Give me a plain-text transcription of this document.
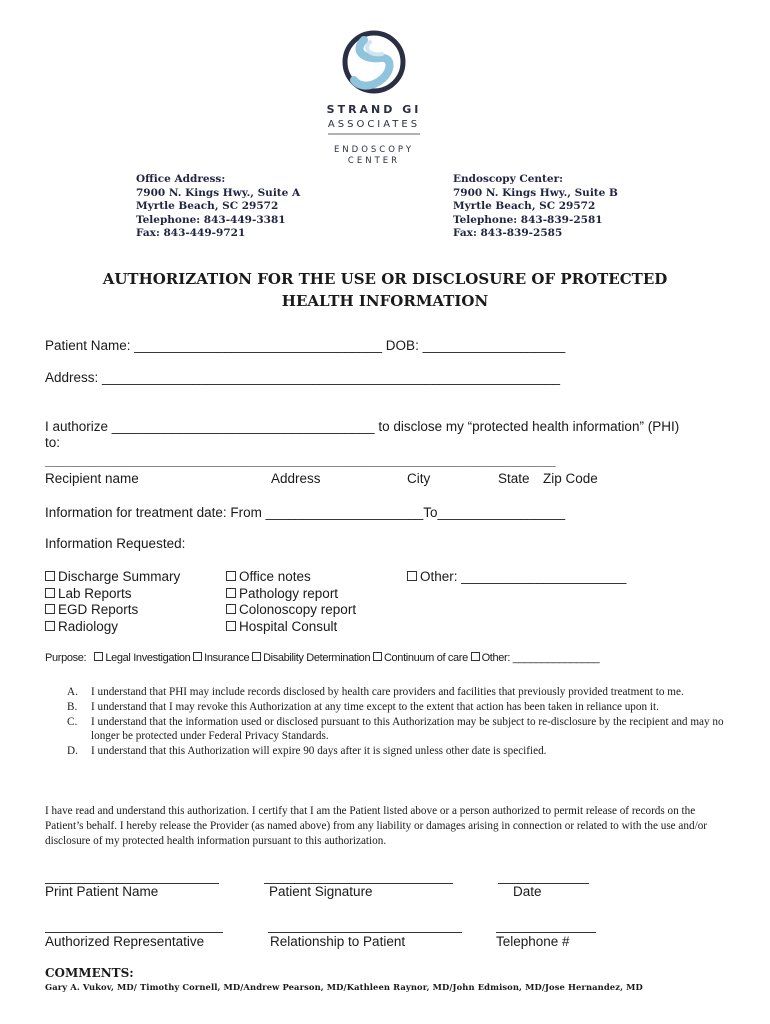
STRAND GI
ASSOCIATES
ENDOSCOPY
CENTER
Office Address:
7900 N. Kings Hwy., Suite A
Myrtle Beach, SC 29572
Telephone: 843-449-3381
Fax: 843-449-9721
Endoscopy Center:
7900 N. Kings Hwy., Suite B
Myrtle Beach, SC 29572
Telephone: 843-839-2581
Fax: 843-839-2585
AUTHORIZATION FOR THE USE OR DISCLOSURE OF PROTECTED
HEALTH INFORMATION
Patient Name: _________________________________ DOB: ___________________
Address: _____________________________________________________________
I authorize ___________________________________ to disclose my “protected health information” (PHI)
to:
____________________________________________________________________
Recipient name	Address	City	State Zip Code
Information for treatment date: From _____________________To_________________
Information Requested:
Discharge Summary
Lab Reports
EGD Reports
Radiology
Office notes
Pathology report
Colonoscopy report
Hospital Consult
Other: ______________________
Purpose: Legal Investigation Insurance Disability Determination Continuum of care Other: _______________
A. I understand that PHI may include records disclosed by health care providers and facilities that previously provided treatment to me.
B. I understand that I may revoke this Authorization at any time except to the extent that action has been taken in reliance upon it.
C. I understand that the information used or disclosed pursuant to this Authorization may be subject to re-disclosure by the recipient and may no longer be protected under Federal Privacy Standards.
D. I understand that this Authorization will expire 90 days after it is signed unless other date is specified.
I have read and understand this authorization. I certify that I am the Patient listed above or a person authorized to permit release of records on the Patient’s behalf. I hereby release the Provider (as named above) from any liability or damages arising in connection or related to with the use and/or disclosure of my protected health information pursuant to this authorization.
Print Patient Name	Patient Signature	Date
Authorized Representative	Relationship to Patient	Telephone #
COMMENTS:
Gary A. Vukov, MD/ Timothy Cornell, MD/Andrew Pearson, MD/Kathleen Raynor, MD/John Edmison, MD/Jose Hernandez, MD
